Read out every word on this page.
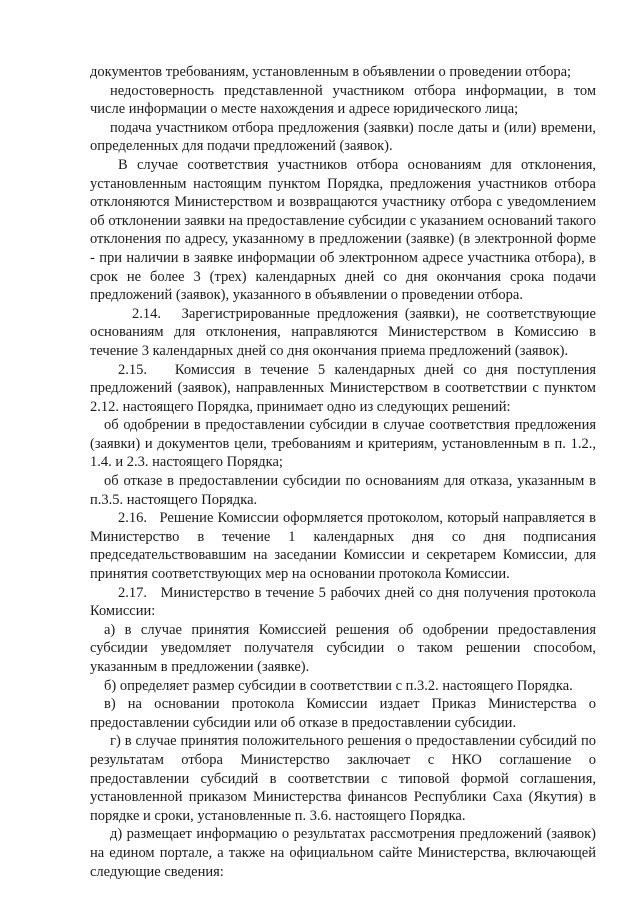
документов требованиям, установленным в объявлении о проведении отбора;

недостоверность представленной участником отбора информации, в том числе информации о месте нахождения и адресе юридического лица;

подача участником отбора предложения (заявки) после даты и (или) времени, определенных для подачи предложений (заявок).

В случае соответствия участников отбора основаниям для отклонения, установленным настоящим пунктом Порядка, предложения участников отбора отклоняются Министерством и возвращаются участнику отбора с уведомлением об отклонении заявки на предоставление субсидии с указанием оснований такого отклонения по адресу, указанному в предложении (заявке) (в электронной форме - при наличии в заявке информации об электронном адресе участника отбора), в срок не более 3 (трех) календарных дней со дня окончания срока подачи предложений (заявок), указанного в объявлении о проведении отбора.

2.14.   Зарегистрированные предложения (заявки), не соответствующие основаниям для отклонения, направляются Министерством в Комиссию в течение 3 календарных дней со дня окончания приема предложений (заявок).

2.15.   Комиссия в течение 5 календарных дней со дня поступления предложений (заявок), направленных Министерством в соответствии с пунктом 2.12. настоящего Порядка, принимает одно из следующих решений:

об одобрении в предоставлении субсидии в случае соответствия предложения (заявки) и документов цели, требованиям и критериям, установленным в п. 1.2., 1.4. и 2.3. настоящего Порядка;

об отказе в предоставлении субсидии по основаниям для отказа, указанным в п.3.5. настоящего Порядка.

2.16.   Решение Комиссии оформляется протоколом, который направляется в Министерство в течение 1 календарных дня со дня подписания председательствовавшим на заседании Комиссии и секретарем Комиссии, для принятия соответствующих мер на основании протокола Комиссии.

2.17.   Министерство в течение 5 рабочих дней со дня получения протокола Комиссии:

а) в случае принятия Комиссией решения об одобрении предоставления субсидии уведомляет получателя субсидии о таком решении способом, указанным в предложении (заявке).

б) определяет размер субсидии в соответствии с п.3.2. настоящего Порядка.

в) на основании протокола Комиссии издает Приказ Министерства о предоставлении субсидии или об отказе в предоставлении субсидии.

г) в случае принятия положительного решения о предоставлении субсидий по результатам отбора Министерство заключает с НКО соглашение о предоставлении субсидий в соответствии с типовой формой соглашения, установленной приказом Министерства финансов Республики Саха (Якутия) в порядке и сроки, установленные п. 3.6. настоящего Порядка.

д) размещает информацию о результатах рассмотрения предложений (заявок) на едином портале, а также на официальном сайте Министерства, включающей следующие сведения:
